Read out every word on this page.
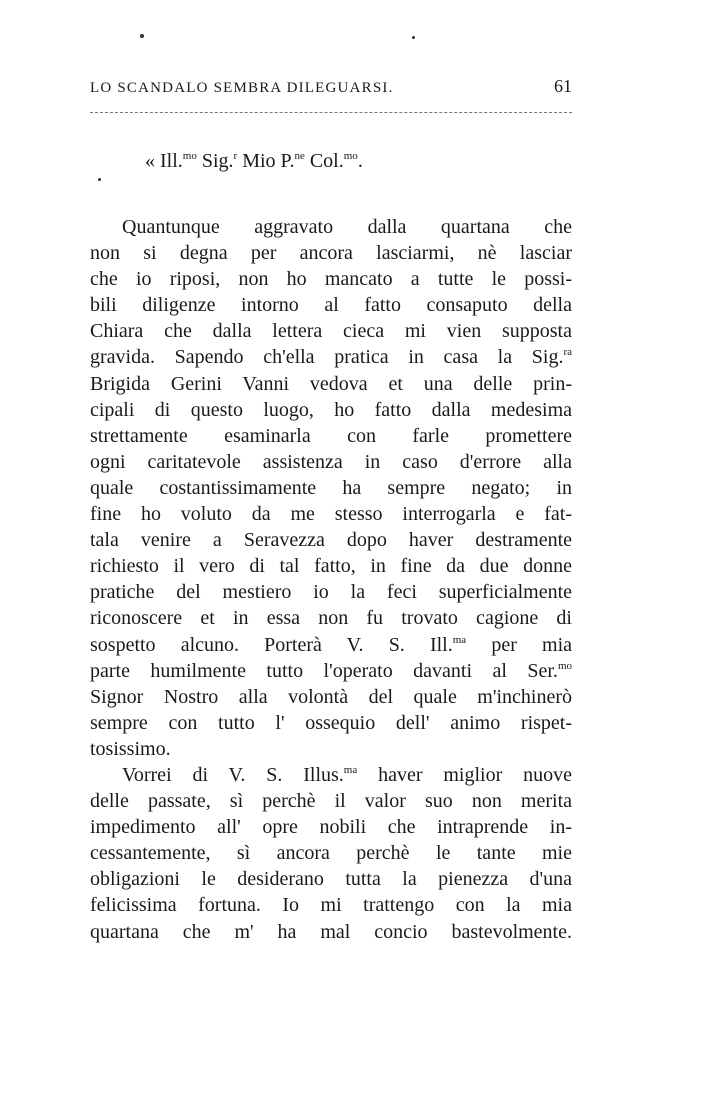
LO SCANDALO SEMBRA DILEGUARSI.	61
« Ill.$^{mo}$ Sig.$^r$ Mio P.$^{ne}$ Col.$^{mo}$.
Quantunque aggravato dalla quartana che
non si degna per ancora lasciarmi, nè lasciar
che io riposi, non ho mancato a tutte le possi-
bili diligenze intorno al fatto consaputo della
Chiara che dalla lettera cieca mi vien supposta
gravida. Sapendo ch'ella pratica in casa la Sig.$^{ra}$
Brigida Gerini Vanni vedova et una delle prin-
cipali di questo luogo, ho fatto dalla medesima
strettamente esaminarla con farle promettere
ogni caritatevole assistenza in caso d'errore alla
quale costantissimamente ha sempre negato; in
fine ho voluto da me stesso interrogarla e fat-
tala venire a Seravezza dopo haver destramente
richiesto il vero di tal fatto, in fine da due donne
pratiche del mestiero io la feci superficialmente
riconoscere et in essa non fu trovato cagione di
sospetto alcuno. Porterà V. S. Ill.$^{ma}$ per mia
parte humilmente tutto l'operato davanti al Ser.$^{mo}$
Signor Nostro alla volontà del quale m'inchinerò
sempre con tutto l' ossequio dell' animo rispet-
tosissimo.
Vorrei di V. S. Illus.$^{ma}$ haver miglior nuove
delle passate, sì perchè il valor suo non merita
impedimento all' opre nobili che intraprende in-
cessantemente, sì ancora perchè le tante mie
obligazioni le desiderano tutta la pienezza d'una
felicissima fortuna. Io mi trattengo con la mia
quartana che m' ha mal concio bastevolmente.
